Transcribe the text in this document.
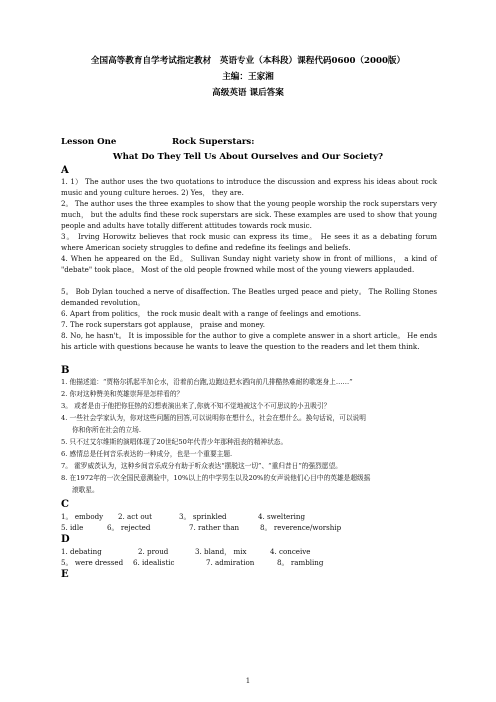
全国高等教育自学考试指定教材　英语专业（本科段）课程代码0600（2000版）
主编：王家湘
高级英语 课后答案
Lesson One	Rock Superstars:
What Do They Tell Us About Ourselves and Our Society?
A
1. 1） The author uses the two quotations to introduce the discussion and express his ideas about rock music and young culture heroes. 2) Yes， they are.
2。 The author uses the three examples to show that the young people worship the rock superstars very much， but the adults find these rock superstars are sick. These examples are used to show that young people and adults have totally different attitudes towards rock music.
3。 Irving Horowitz believes that rock music can express its time。 He sees it as a debating forum where American society struggles to define and redefine its feelings and beliefs.
4. When he appeared on the Ed。 Sullivan Sunday night variety show in front of millions， a kind of "debate" took place。 Most of the old people frowned while most of the young viewers applauded.
5。 Bob Dylan touched a nerve of disaffection. The Beatles urged peace and piety。 The Rolling Stones demanded revolution。
6. Apart from politics， the rock music dealt with a range of feelings and emotions.
7. The rock superstars got applause， praise and money.
8. No, he hasn't。 It is impossible for the author to give a complete answer in a short article。 He ends his article with questions because he wants to leave the question to the readers and let them think.
B
1. 他描述道：“贾格尔抓起半加仑水，沿着前台跑,边跑边把水洒向前几排酷热难耐的歌迷身上……”
2. 你对这种赞美和英雄崇拜是怎样看的？
3。 或者是由于他把你狂热的幻想表演出来了,你就不知不觉地被这个不可思议的小丑吸引？
4. 一些社会学家认为，你对这些问题的回答,可以说明你在想什么，社会在想什么。换句话说，可以说明
你和你所在社会的立场.
5. 只不过艾尔维斯的演唱体现了20世纪50年代青少年那种沮丧的精神状态。
6. 感情总是任何音乐表达的一种成分，也是一个重要主题.
7。 霍罗威茨认为，这种乡间音乐成分有助于听众表达“摆脱这一切”、“重归昔日”的强烈愿望。
8. 在1972年的一次全国民意测验中，10%以上的中学男生以及20%的女声说他们心目中的英雄是超级摇
滚歌星。
C
1。 embody 2. act out	3。 sprinkled	4. sweltering
5. idle	6。 rejected	7. rather than	8。 reverence/worship
D
1. debating	2. proud	3. bland， mix	4. conceive
5。 were dressed 6. idealistic	7. admiration	8。 rambling
E
1
